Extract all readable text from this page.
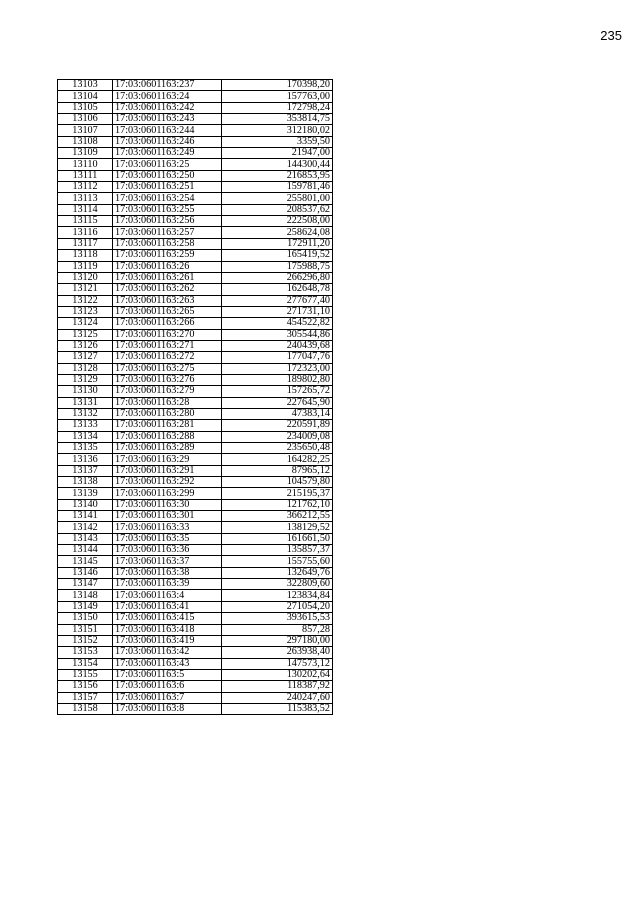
235
13103	17:03:0601163:237	170398,20
13104	17:03:0601163:24	157763,00
13105	17:03:0601163:242	172798,24
13106	17:03:0601163:243	353814,75
13107	17:03:0601163:244	312180,02
13108	17:03:0601163:246	3359,50
13109	17:03:0601163:249	21947,00
13110	17:03:0601163:25	144300,44
13111	17:03:0601163:250	216853,95
13112	17:03:0601163:251	159781,46
13113	17:03:0601163:254	255801,00
13114	17:03:0601163:255	208537,62
13115	17:03:0601163:256	222508,00
13116	17:03:0601163:257	258624,08
13117	17:03:0601163:258	172911,20
13118	17:03:0601163:259	165419,52
13119	17:03:0601163:26	175988,75
13120	17:03:0601163:261	266296,80
13121	17:03:0601163:262	162648,78
13122	17:03:0601163:263	277677,40
13123	17:03:0601163:265	271731,10
13124	17:03:0601163:266	454522,82
13125	17:03:0601163:270	305544,86
13126	17:03:0601163:271	240439,68
13127	17:03:0601163:272	177047,76
13128	17:03:0601163:275	172323,00
13129	17:03:0601163:276	189802,80
13130	17:03:0601163:279	157265,72
13131	17:03:0601163:28	227645,90
13132	17:03:0601163:280	47383,14
13133	17:03:0601163:281	220591,89
13134	17:03:0601163:288	234009,08
13135	17:03:0601163:289	235650,48
13136	17:03:0601163:29	164282,25
13137	17:03:0601163:291	87965,12
13138	17:03:0601163:292	104579,80
13139	17:03:0601163:299	215195,37
13140	17:03:0601163:30	121762,10
13141	17:03:0601163:301	366212,55
13142	17:03:0601163:33	138129,52
13143	17:03:0601163:35	161661,50
13144	17:03:0601163:36	135857,37
13145	17:03:0601163:37	155755,60
13146	17:03:0601163:38	132649,76
13147	17:03:0601163:39	322809,60
13148	17:03:0601163:4	123834,84
13149	17:03:0601163:41	271054,20
13150	17:03:0601163:415	393615,53
13151	17:03:0601163:418	857,28
13152	17:03:0601163:419	297180,00
13153	17:03:0601163:42	263938,40
13154	17:03:0601163:43	147573,12
13155	17:03:0601163:5	130202,64
13156	17:03:0601163:6	118387,92
13157	17:03:0601163:7	240247,60
13158	17:03:0601163:8	115383,52
